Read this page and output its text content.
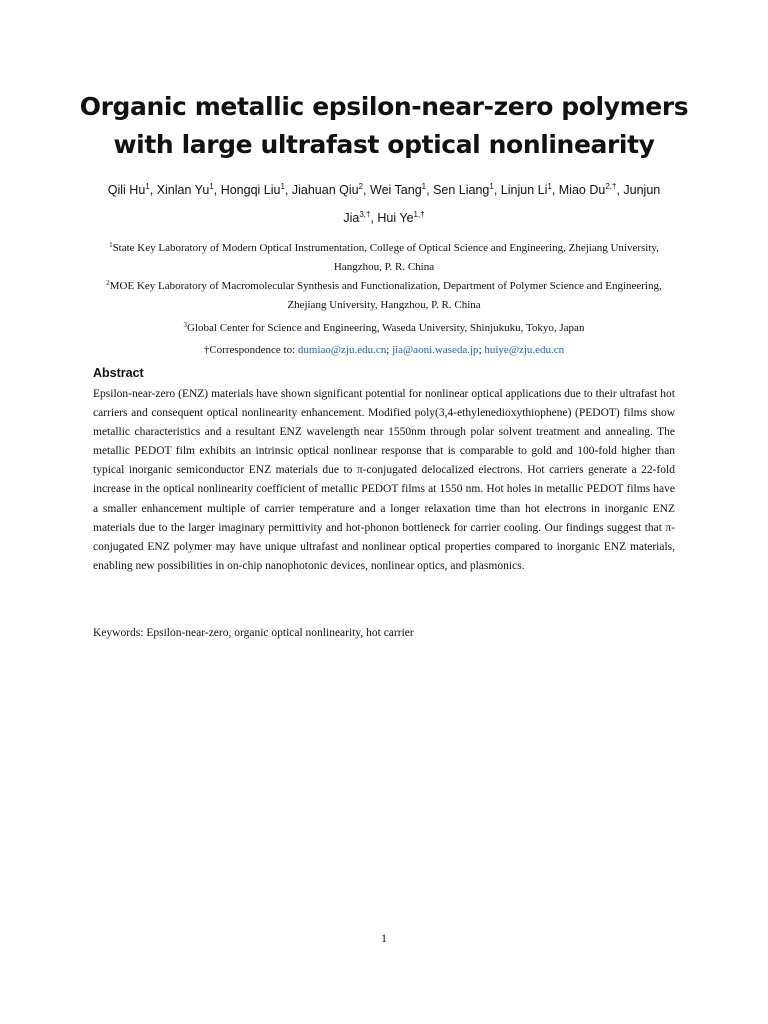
Organic metallic epsilon-near-zero polymers with large ultrafast optical nonlinearity
Qili Hu$^1$, Xinlan Yu$^1$, Hongqi Liu$^1$, Jiahuan Qiu$^2$, Wei Tang$^1$, Sen Liang$^1$, Linjun Li$^1$, Miao $Du^{2,\dagger}$, Junjun Jia$^{3,\dagger}$, Hui $Ye^{1,\dagger}$
$^1$State Key Laboratory of Modern Optical Instrumentation, College of Optical Science and Engineering, Zhejiang University, Hangzhou, P. R. China
$^2$MOE Key Laboratory of Macromolecular Synthesis and Functionalization, Department of Polymer Science and Engineering, Zhejiang University, Hangzhou, P. R. China
$^3$Global Center for Science and Engineering, Waseda University, Shinjukuku, Tokyo, Japan
†Correspondence to: dumiao@zju.edu.cn; jia@aoni.waseda.jp; huiye@zju.edu.cn
Abstract

Epsilon-near-zero (ENZ) materials have shown significant potential for nonlinear optical applications due to their ultrafast hot carriers and consequent optical nonlinearity enhancement. Modified poly(3,4-ethylenedioxythiophene) (PEDOT) films show metallic characteristics and a resultant ENZ wavelength near 1550nm through polar solvent treatment and annealing. The metallic PEDOT film exhibits an intrinsic optical nonlinear response that is comparable to gold and 100-fold higher than typical inorganic semiconductor ENZ materials due to π-conjugated delocalized electrons. Hot carriers generate a 22-fold increase in the optical nonlinearity coefficient of metallic PEDOT films at 1550 nm. Hot holes in metallic PEDOT films have a smaller enhancement multiple of carrier temperature and a longer relaxation time than hot electrons in inorganic ENZ materials due to the larger imaginary permittivity and hot-phonon bottleneck for carrier cooling. Our findings suggest that π-conjugated ENZ polymer may have unique ultrafast and nonlinear optical properties compared to inorganic ENZ materials, enabling new possibilities in on-chip nanophotonic devices, nonlinear optics, and plasmonics.

Keywords: Epsilon-near-zero, organic optical nonlinearity, hot carrier
1
